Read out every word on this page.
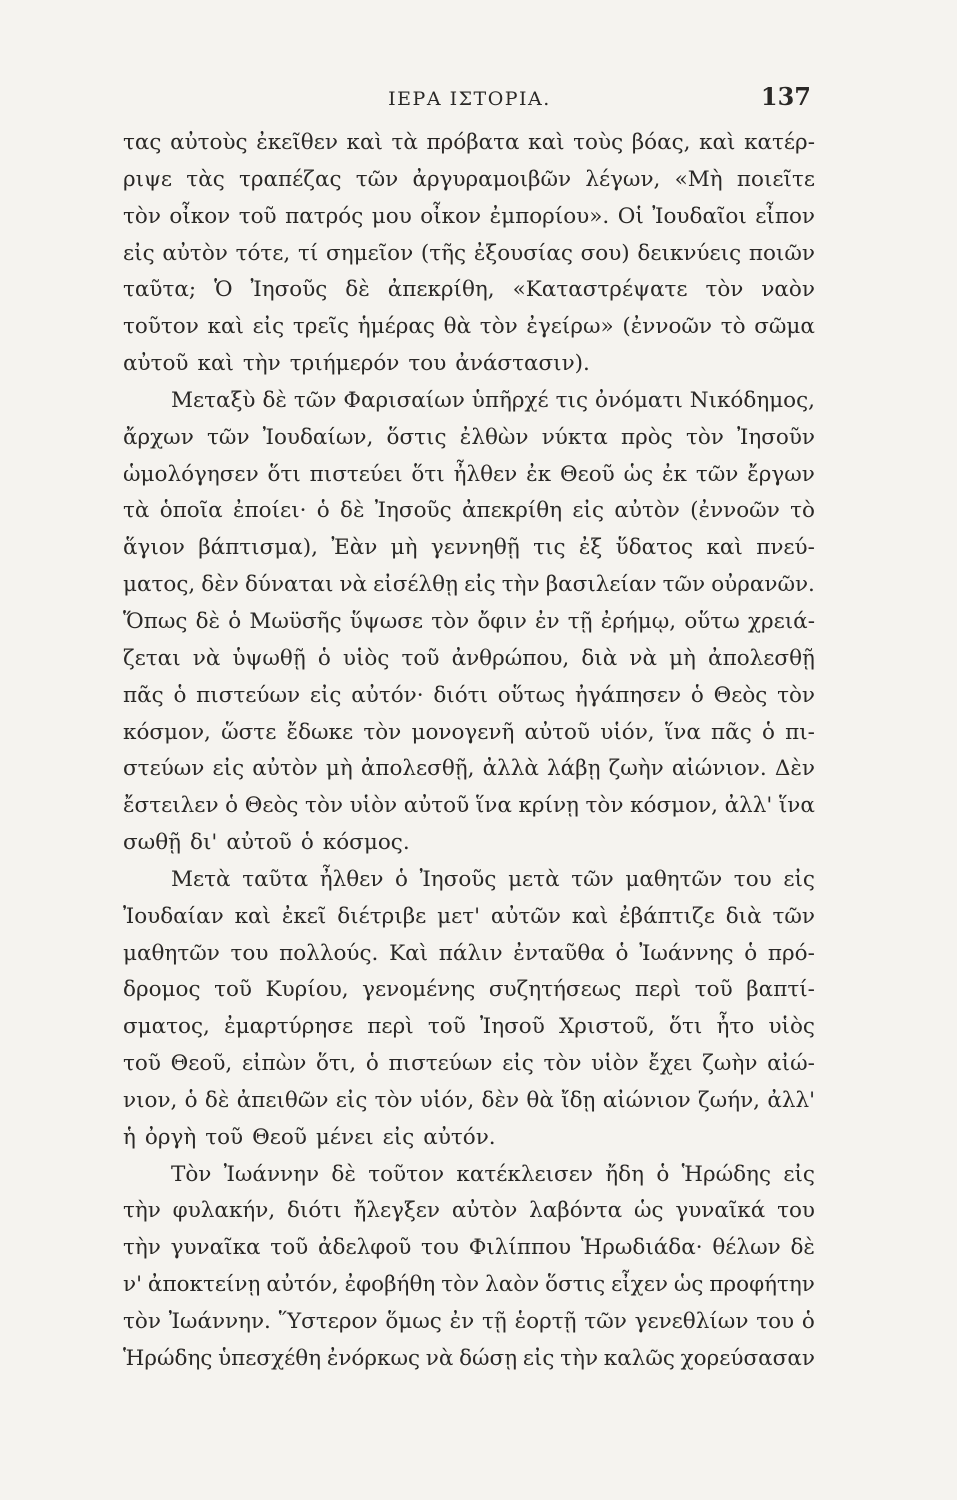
ΙΕΡΑ ΙΣΤΟΡΙΑ.	137
τας αὐτοὺς ἐκεῖθεν καὶ τὰ πρόβατα καὶ τοὺς βόας, καὶ κατέρ-
ριψε τὰς τραπέζας τῶν ἀργυραμοιβῶν λέγων, «Μὴ ποιεῖτε
τὸν οἶκον τοῦ πατρός μου οἶκον ἐμπορίου». Οἱ Ἰουδαῖοι εἶπον
εἰς αὐτὸν τότε, τί σημεῖον (τῆς ἐξουσίας σου) δεικνύεις ποιῶν
ταῦτα; Ὁ Ἰησοῦς δὲ ἀπεκρίθη, «Καταστρέψατε τὸν ναὸν
τοῦτον καὶ εἰς τρεῖς ἡμέρας θὰ τὸν ἐγείρω» (ἐννοῶν τὸ σῶμα
αὐτοῦ καὶ τὴν τριήμερόν του ἀνάστασιν).
Μεταξὺ δὲ τῶν Φαρισαίων ὑπῆρχέ τις ὀνόματι Νικόδημος,
ἄρχων τῶν Ἰουδαίων, ὅστις ἐλθὼν νύκτα πρὸς τὸν Ἰησοῦν
ὡμολόγησεν ὅτι πιστεύει ὅτι ἦλθεν ἐκ Θεοῦ ὡς ἐκ τῶν ἔργων
τὰ ὁποῖα ἐποίει· ὁ δὲ Ἰησοῦς ἀπεκρίθη εἰς αὐτὸν (ἐννοῶν τὸ
ἅγιον βάπτισμα), Ἐὰν μὴ γεννηθῇ τις ἐξ ὕδατος καὶ πνεύ-
ματος, δὲν δύναται νὰ εἰσέλθῃ εἰς τὴν βασιλείαν τῶν οὐρανῶν.
Ὅπως δὲ ὁ Μωϋσῆς ὕψωσε τὸν ὄφιν ἐν τῇ ἐρήμῳ, οὕτω χρειά-
ζεται νὰ ὑψωθῇ ὁ υἱὸς τοῦ ἀνθρώπου, διὰ νὰ μὴ ἀπολεσθῇ
πᾶς ὁ πιστεύων εἰς αὐτόν· διότι οὕτως ἠγάπησεν ὁ Θεὸς τὸν
κόσμον, ὥστε ἔδωκε τὸν μονογενῆ αὐτοῦ υἱόν, ἵνα πᾶς ὁ πι-
στεύων εἰς αὐτὸν μὴ ἀπολεσθῇ, ἀλλὰ λάβῃ ζωὴν αἰώνιον. Δὲν
ἔστειλεν ὁ Θεὸς τὸν υἱὸν αὐτοῦ ἵνα κρίνῃ τὸν κόσμον, ἀλλ' ἵνα
σωθῇ δι' αὐτοῦ ὁ κόσμος.
Μετὰ ταῦτα ἦλθεν ὁ Ἰησοῦς μετὰ τῶν μαθητῶν του εἰς
Ἰουδαίαν καὶ ἐκεῖ διέτριβε μετ' αὐτῶν καὶ ἐβάπτιζε διὰ τῶν
μαθητῶν του πολλούς. Καὶ πάλιν ἐνταῦθα ὁ Ἰωάννης ὁ πρό-
δρομος τοῦ Κυρίου, γενομένης συζητήσεως περὶ τοῦ βαπτί-
σματος, ἐμαρτύρησε περὶ τοῦ Ἰησοῦ Χριστοῦ, ὅτι ἦτο υἱὸς
τοῦ Θεοῦ, εἰπὼν ὅτι, ὁ πιστεύων εἰς τὸν υἱὸν ἔχει ζωὴν αἰώ-
νιον, ὁ δὲ ἀπειθῶν εἰς τὸν υἱόν, δὲν θὰ ἴδῃ αἰώνιον ζωήν, ἀλλ'
ἡ ὀργὴ τοῦ Θεοῦ μένει εἰς αὐτόν.
Τὸν Ἰωάννην δὲ τοῦτον κατέκλεισεν ἤδη ὁ Ἡρώδης εἰς
τὴν φυλακήν, διότι ἤλεγξεν αὐτὸν λαβόντα ὡς γυναῖκά του
τὴν γυναῖκα τοῦ ἀδελφοῦ του Φιλίππου Ἡρωδιάδα· θέλων δὲ
ν' ἀποκτείνῃ αὐτόν, ἐφοβήθη τὸν λαὸν ὅστις εἶχεν ὡς προφήτην
τὸν Ἰωάννην. Ὕστερον ὅμως ἐν τῇ ἑορτῇ τῶν γενεθλίων του ὁ
Ἡρώδης ὑπεσχέθη ἐνόρκως νὰ δώσῃ εἰς τὴν καλῶς χορεύσασαν
